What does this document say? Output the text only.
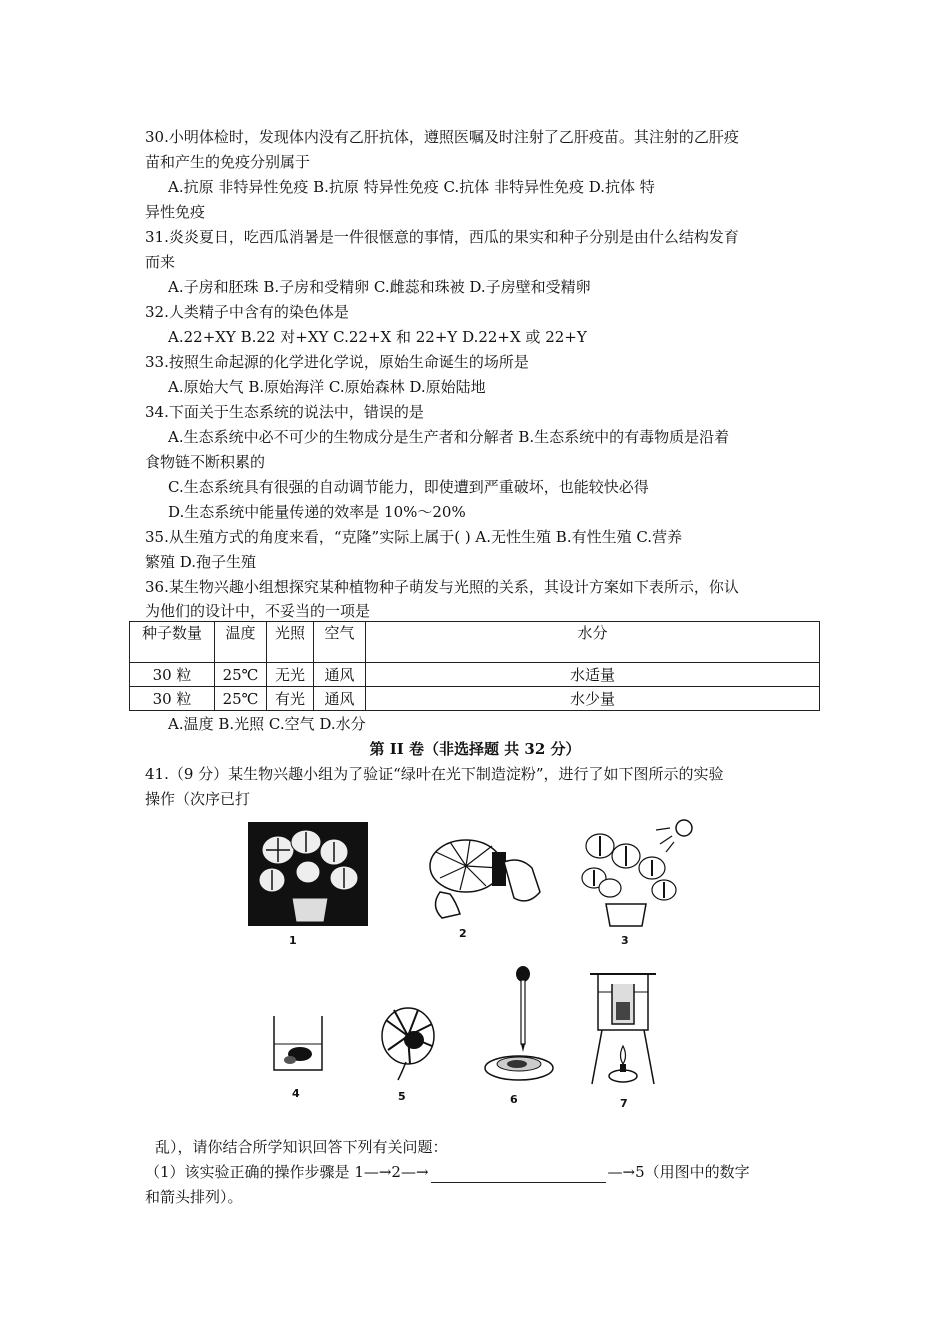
30.小明体检时，发现体内没有乙肝抗体，遵照医嘱及时注射了乙肝疫苗。其注射的乙肝疫
苗和产生的免疫分别属于
A.抗原 非特异性免疫 B.抗原 特异性免疫 C.抗体 非特异性免疫 D.抗体 特
异性免疫
31.炎炎夏日，吃西瓜消暑是一件很惬意的事情，西瓜的果实和种子分别是由什么结构发育
而来
A.子房和胚珠 B.子房和受精卵 C.雌蕊和珠被 D.子房壁和受精卵
32.人类精子中含有的染色体是
A.22+XY B.22 对+XY C.22+X 和 22+Y D.22+X 或 22+Y
33.按照生命起源的化学进化学说，原始生命诞生的场所是
A.原始大气 B.原始海洋 C.原始森林 D.原始陆地
34.下面关于生态系统的说法中，错误的是
A.生态系统中必不可少的生物成分是生产者和分解者 B.生态系统中的有毒物质是沿着
食物链不断积累的
C.生态系统具有很强的自动调节能力，即使遭到严重破坏，也能较快必得
D.生态系统中能量传递的效率是 10%～20%
35.从生殖方式的角度来看，“克隆”实际上属于( ) A.无性生殖 B.有性生殖 C.营养
繁殖 D.孢子生殖
36.某生物兴趣小组想探究某种植物种子萌发与光照的关系，其设计方案如下表所示，你认
为他们的设计中，不妥当的一项是
种子数量	温度	光照	空气	水分
30 粒	25℃	无光	通风	水适量
30 粒	25℃	有光	通风	水少量
A.温度 B.光照 C.空气 D.水分
第 II 卷（非选择题 共 32 分）
41.（9 分）某生物兴趣小组为了验证“绿叶在光下制造淀粉”，进行了如下图所示的实验
操作（次序已打
1
2
3
4	5	6	7
乱），请你结合所学知识回答下列有关问题：
（1）该实验正确的操作步骤是 1—→2—→	—→5（用图中的数字
和箭头排列）。
